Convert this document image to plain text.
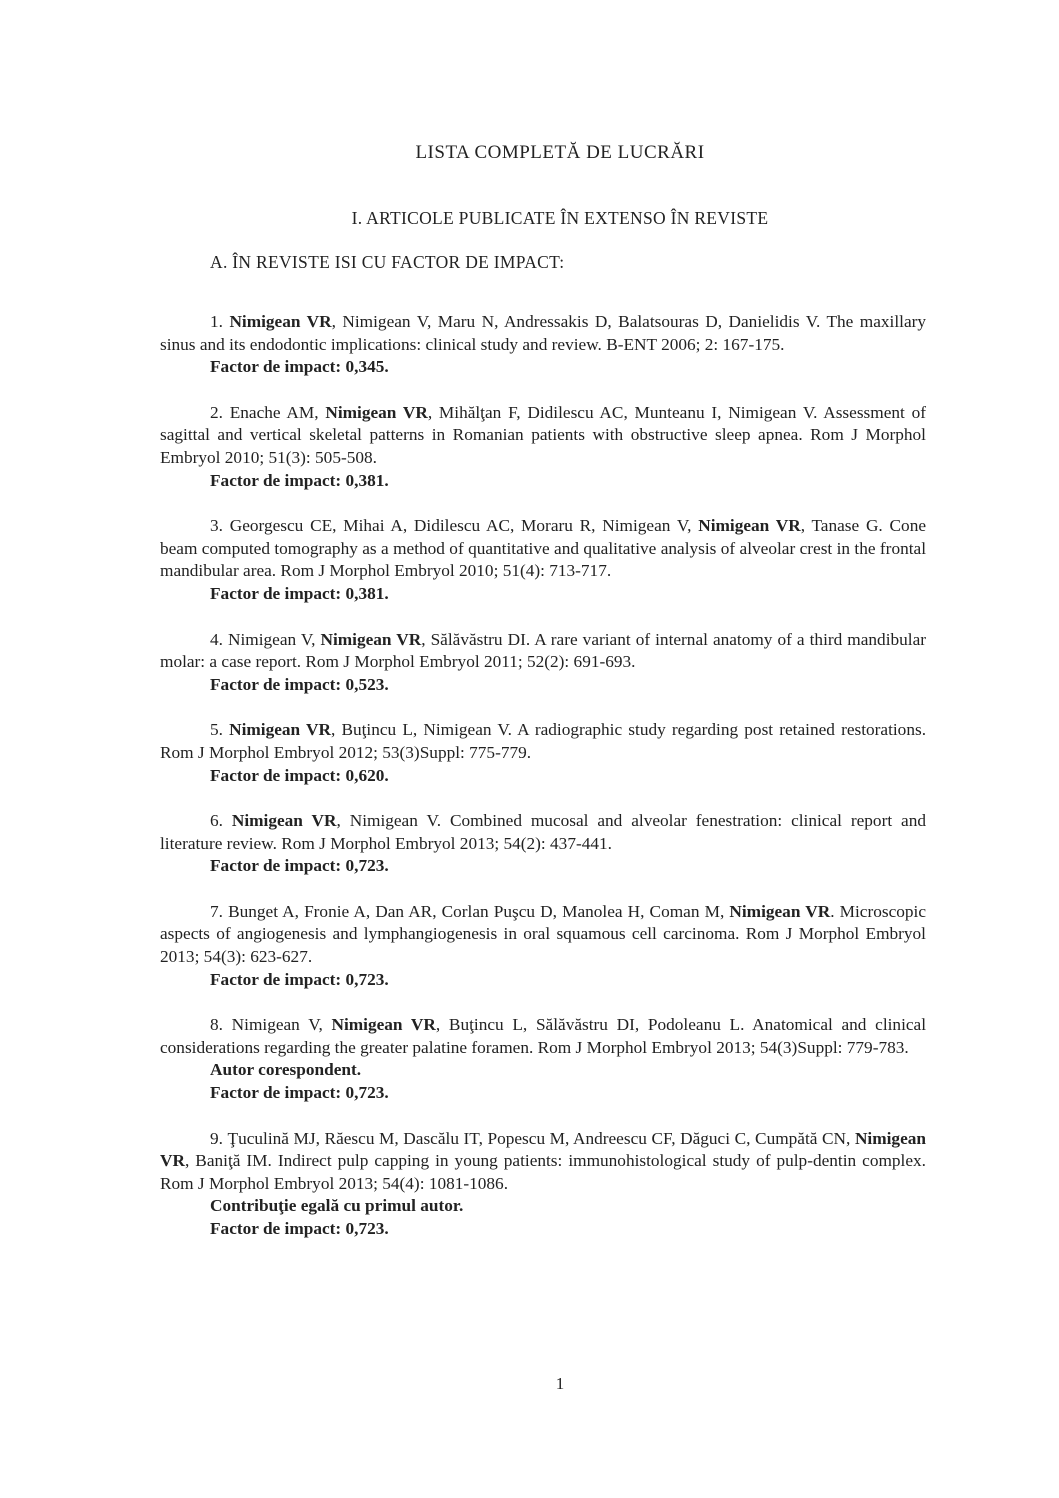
LISTA COMPLETĂ DE LUCRĂRI
I. ARTICOLE PUBLICATE ÎN EXTENSO ÎN REVISTE
A. ÎN REVISTE ISI CU FACTOR DE IMPACT:

1. Nimigean VR, Nimigean V, Maru N, Andressakis D, Balatsouras D, Danielidis V. The maxillary sinus and its endodontic implications: clinical study and review. B-ENT 2006; 2: 167-175.

Factor de impact: 0,345.

2. Enache AM, Nimigean VR, Mihălţan F, Didilescu AC, Munteanu I, Nimigean V. Assessment of sagittal and vertical skeletal patterns in Romanian patients with obstructive sleep apnea. Rom J Morphol Embryol 2010; 51(3): 505-508.

Factor de impact: 0,381.

3. Georgescu CE, Mihai A, Didilescu AC, Moraru R, Nimigean V, Nimigean VR, Tanase G. Cone beam computed tomography as a method of quantitative and qualitative analysis of alveolar crest in the frontal mandibular area. Rom J Morphol Embryol 2010; 51(4): 713-717.

Factor de impact: 0,381.

4. Nimigean V, Nimigean VR, Sălăvăstru DI. A rare variant of internal anatomy of a third mandibular molar: a case report. Rom J Morphol Embryol 2011; 52(2): 691-693.

Factor de impact: 0,523.

5. Nimigean VR, Buţincu L, Nimigean V. A radiographic study regarding post retained restorations. Rom J Morphol Embryol 2012; 53(3)Suppl: 775-779.

Factor de impact: 0,620.

6. Nimigean VR, Nimigean V. Combined mucosal and alveolar fenestration: clinical report and literature review. Rom J Morphol Embryol 2013; 54(2): 437-441.

Factor de impact: 0,723.

7. Bunget A, Fronie A, Dan AR, Corlan Puşcu D, Manolea H, Coman M, Nimigean VR. Microscopic aspects of angiogenesis and lymphangiogenesis in oral squamous cell carcinoma. Rom J Morphol Embryol 2013; 54(3): 623-627.

Factor de impact: 0,723.

8. Nimigean V, Nimigean VR, Buţincu L, Sălăvăstru DI, Podoleanu L. Anatomical and clinical considerations regarding the greater palatine foramen. Rom J Morphol Embryol 2013; 54(3)Suppl: 779-783.

Autor corespondent.
Factor de impact: 0,723.

9. Ţuculină MJ, Răescu M, Dascălu IT, Popescu M, Andreescu CF, Dăguci C, Cumpătă CN, Nimigean VR, Baniţă IM. Indirect pulp capping in young patients: immunohistological study of pulp-dentin complex. Rom J Morphol Embryol 2013; 54(4): 1081-1086.

Contribuţie egală cu primul autor.
Factor de impact: 0,723.
1
